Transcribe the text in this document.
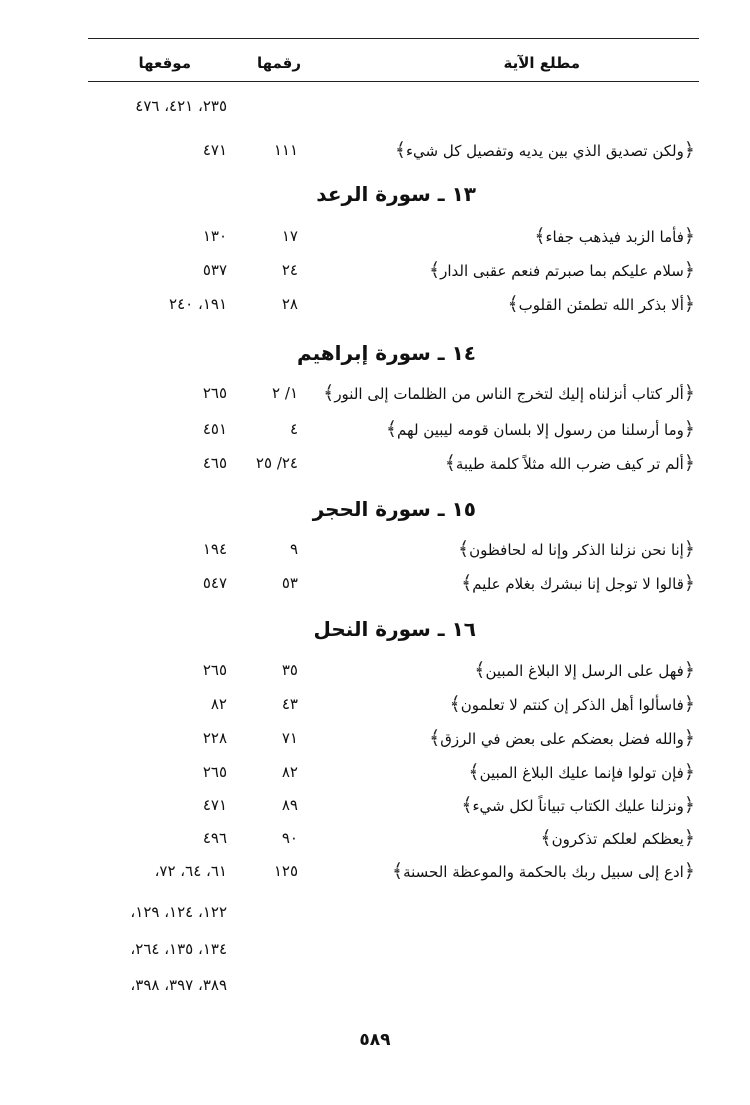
مطلع الآية
رقمها
موقعها
٢٣٥، ٤٢١، ٤٧٦
﴿ولكن تصديق الذي بين يديه وتفصيل كل شيء﴾
١١١
٤٧١
١٣ ـ سورة الرعد
﴿فأما الزبد فيذهب جفاء﴾
١٧
١٣٠
﴿سلام عليكم بما صبرتم فنعم عقبى الدار﴾
٢٤
٥٣٧
﴿ألا بذكر الله تطمئن القلوب﴾
٢٨
١٩١، ٢٤٠
١٤ ـ سورة إبراهيم
﴿ألر كتاب أنزلناه إليك لتخرج الناس من الظلمات إلى النور﴾
١/ ٢
٢٦٥
﴿وما أرسلنا من رسول إلا بلسان قومه ليبين لهم﴾
٤
٤٥١
﴿ألم تر كيف ضرب الله مثلاً كلمة طيبة﴾
٢٤/ ٢٥
٤٦٥
١٥ ـ سورة الحجر
﴿إنا نحن نزلنا الذكر وإنا له لحافظون﴾
٩
١٩٤
﴿قالوا لا توجل إنا نبشرك بغلام عليم﴾
٥٣
٥٤٧
١٦ ـ سورة النحل
﴿فهل على الرسل إلا البلاغ المبين﴾
٣٥
٢٦٥
﴿فاسألوا أهل الذكر إن كنتم لا تعلمون﴾
٤٣
٨٢
﴿والله فضل بعضكم على بعض في الرزق﴾
٧١
٢٢٨
﴿فإن تولوا فإنما عليك البلاغ المبين﴾
٨٢
٢٦٥
﴿ونزلنا عليك الكتاب تبياناً لكل شيء﴾
٨٩
٤٧١
﴿يعظكم لعلكم تذكرون﴾
٩٠
٤٩٦
﴿ادع إلى سبيل ربك بالحكمة والموعظة الحسنة﴾
١٢٥
٦١، ٦٤، ٧٢،
١٢٢، ١٢٤، ١٢٩،
١٣٤، ١٣٥، ٢٦٤،
٣٨٩، ٣٩٧، ٣٩٨،
٥٨٩
